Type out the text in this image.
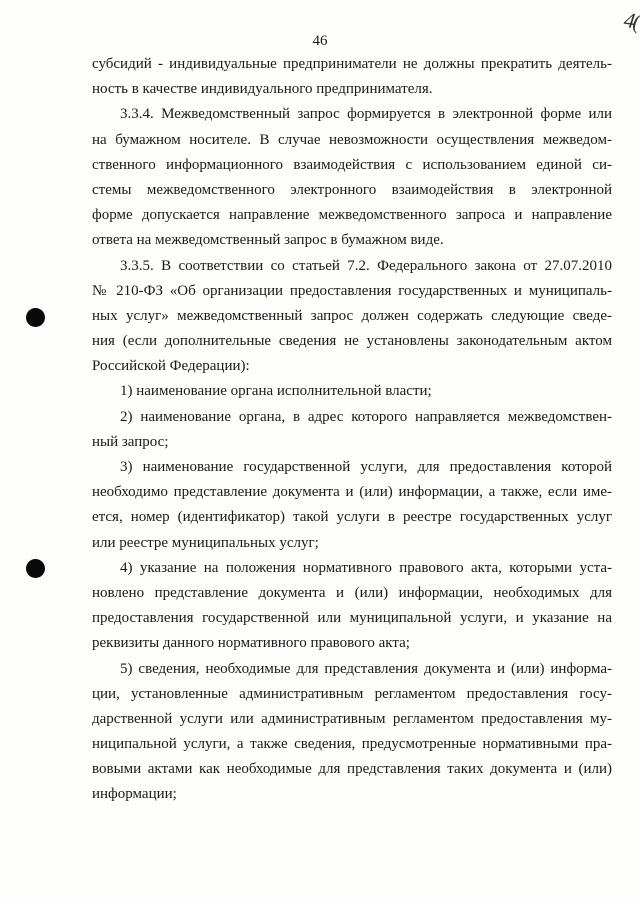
4(
46
субсидий - индивидуальные предприниматели не должны прекратить деятель-
ность в качестве индивидуального предпринимателя.
3.3.4. Межведомственный запрос формируется в электронной форме или
на бумажном носителе. В случае невозможности осуществления межведом-
ственного информационного взаимодействия с использованием единой си-
стемы межведомственного электронного взаимодействия в электронной
форме допускается направление межведомственного запроса и направление
ответа на межведомственный запрос в бумажном виде.
3.3.5. В соответствии со статьей 7.2. Федерального закона от 27.07.2010
№ 210-ФЗ «Об организации предоставления государственных и муниципаль-
ных услуг» межведомственный запрос должен содержать следующие сведе-
ния (если дополнительные сведения не установлены законодательным актом
Российской Федерации):
1) наименование органа исполнительной власти;
2) наименование органа, в адрес которого направляется межведомствен-
ный запрос;
3) наименование государственной услуги, для предоставления которой
необходимо представление документа и (или) информации, а также, если име-
ется, номер (идентификатор) такой услуги в реестре государственных услуг
или реестре муниципальных услуг;
4) указание на положения нормативного правового акта, которыми уста-
новлено представление документа и (или) информации, необходимых для
предоставления государственной или муниципальной услуги, и указание на
реквизиты данного нормативного правового акта;
5) сведения, необходимые для представления документа и (или) информа-
ции, установленные административным регламентом предоставления госу-
дарственной услуги или административным регламентом предоставления му-
ниципальной услуги, а также сведения, предусмотренные нормативными пра-
вовыми актами как необходимые для представления таких документа и (или)
информации;
